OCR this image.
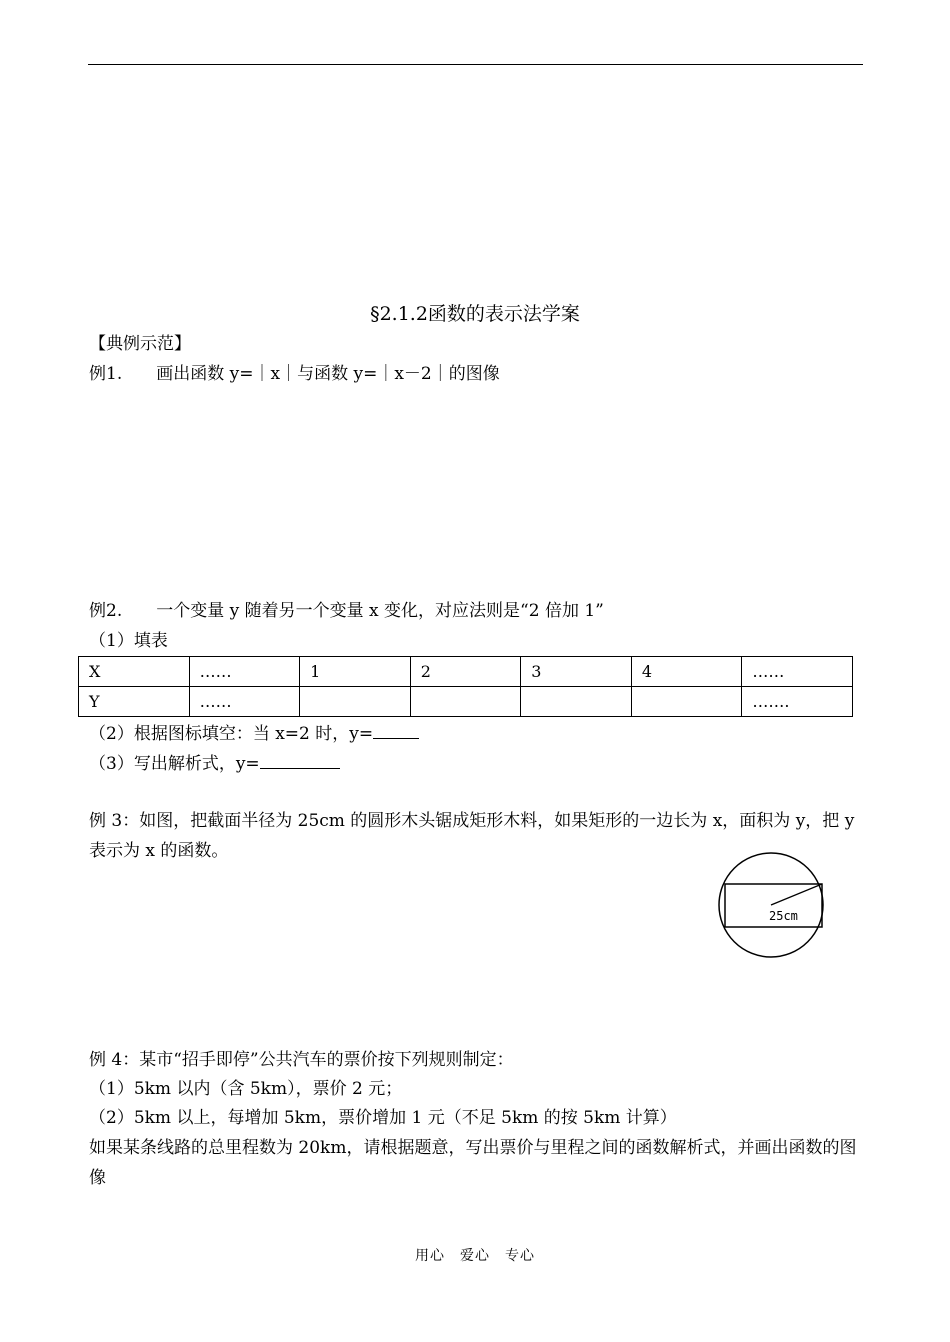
§2.1.2函数的表示法学案
【典例示范】
例1. 画出函数 y=｜x｜与函数 y=｜x－2｜的图像
例2. 一个变量 y 随着另一个变量 x 变化，对应法则是“2 倍加 1”
（1）填表
X	……	1	2	3	4	……
Y	……					…….
（2）根据图标填空：当 x=2 时，y=
（3）写出解析式，y=
例 3：如图，把截面半径为 25cm 的圆形木头锯成矩形木料，如果矩形的一边长为 x，面积为 y，把 y 表示为 x 的函数。
25cm
例 4：某市“招手即停”公共汽车的票价按下列规则制定：
（1）5km 以内（含 5km），票价 2 元；
（2）5km 以上，每增加 5km，票价增加 1 元（不足 5km 的按 5km 计算）
如果某条线路的总里程数为 20km，请根据题意，写出票价与里程之间的函数解析式，并画出函数的图像
用心　爱心　专心
